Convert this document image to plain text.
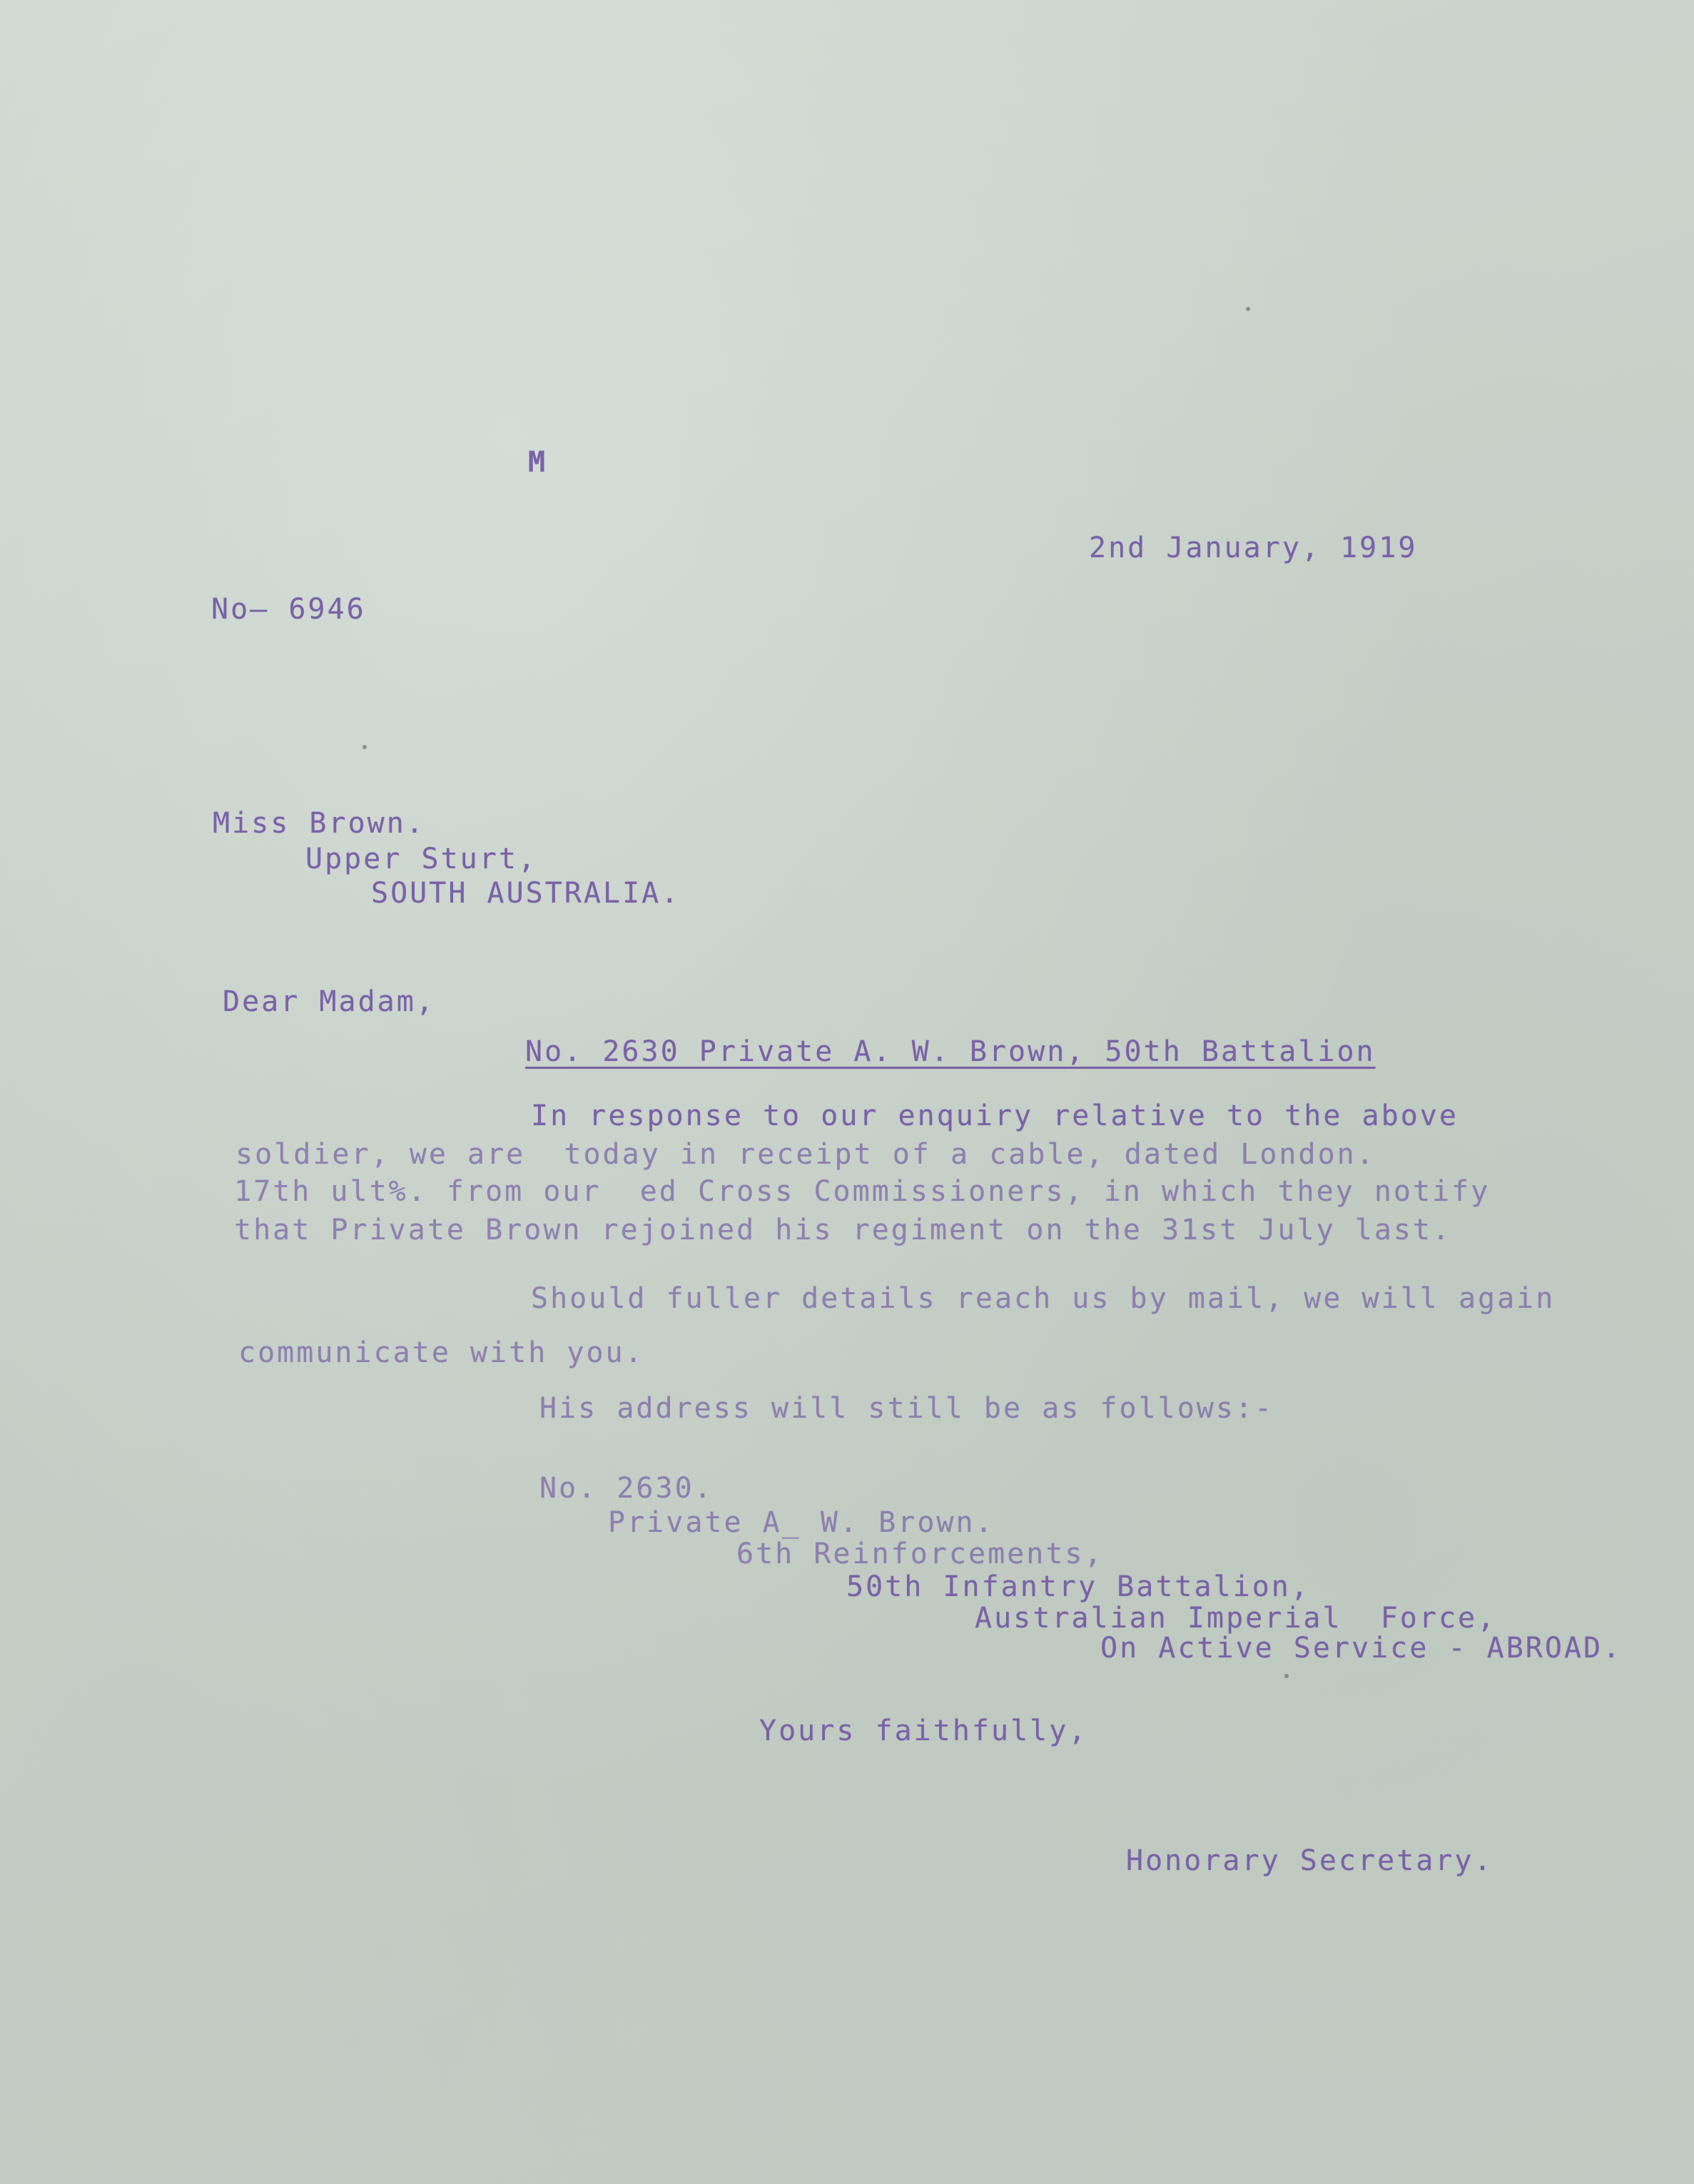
M

2nd January, 1919

No— 6946

Miss Brown.

Upper Sturt,

SOUTH AUSTRALIA.

Dear Madam,

No. 2630 Private A. W. Brown, 50th Battalion

In response to our enquiry relative to the above

soldier, we are  today in receipt of a cable, dated London.

17th ult%. from our  ed Cross Commissioners, in which they notify

that Private Brown rejoined his regiment on the 31st July last.

Should fuller details reach us by mail, we will again

communicate with you.

His address will still be as follows:-

No. 2630.

Private A_ W. Brown.

6th Reinforcements,

50th Infantry Battalion,

Australian Imperial  Force,

On Active Service - ABROAD.

Yours faithfully,

Honorary Secretary.
